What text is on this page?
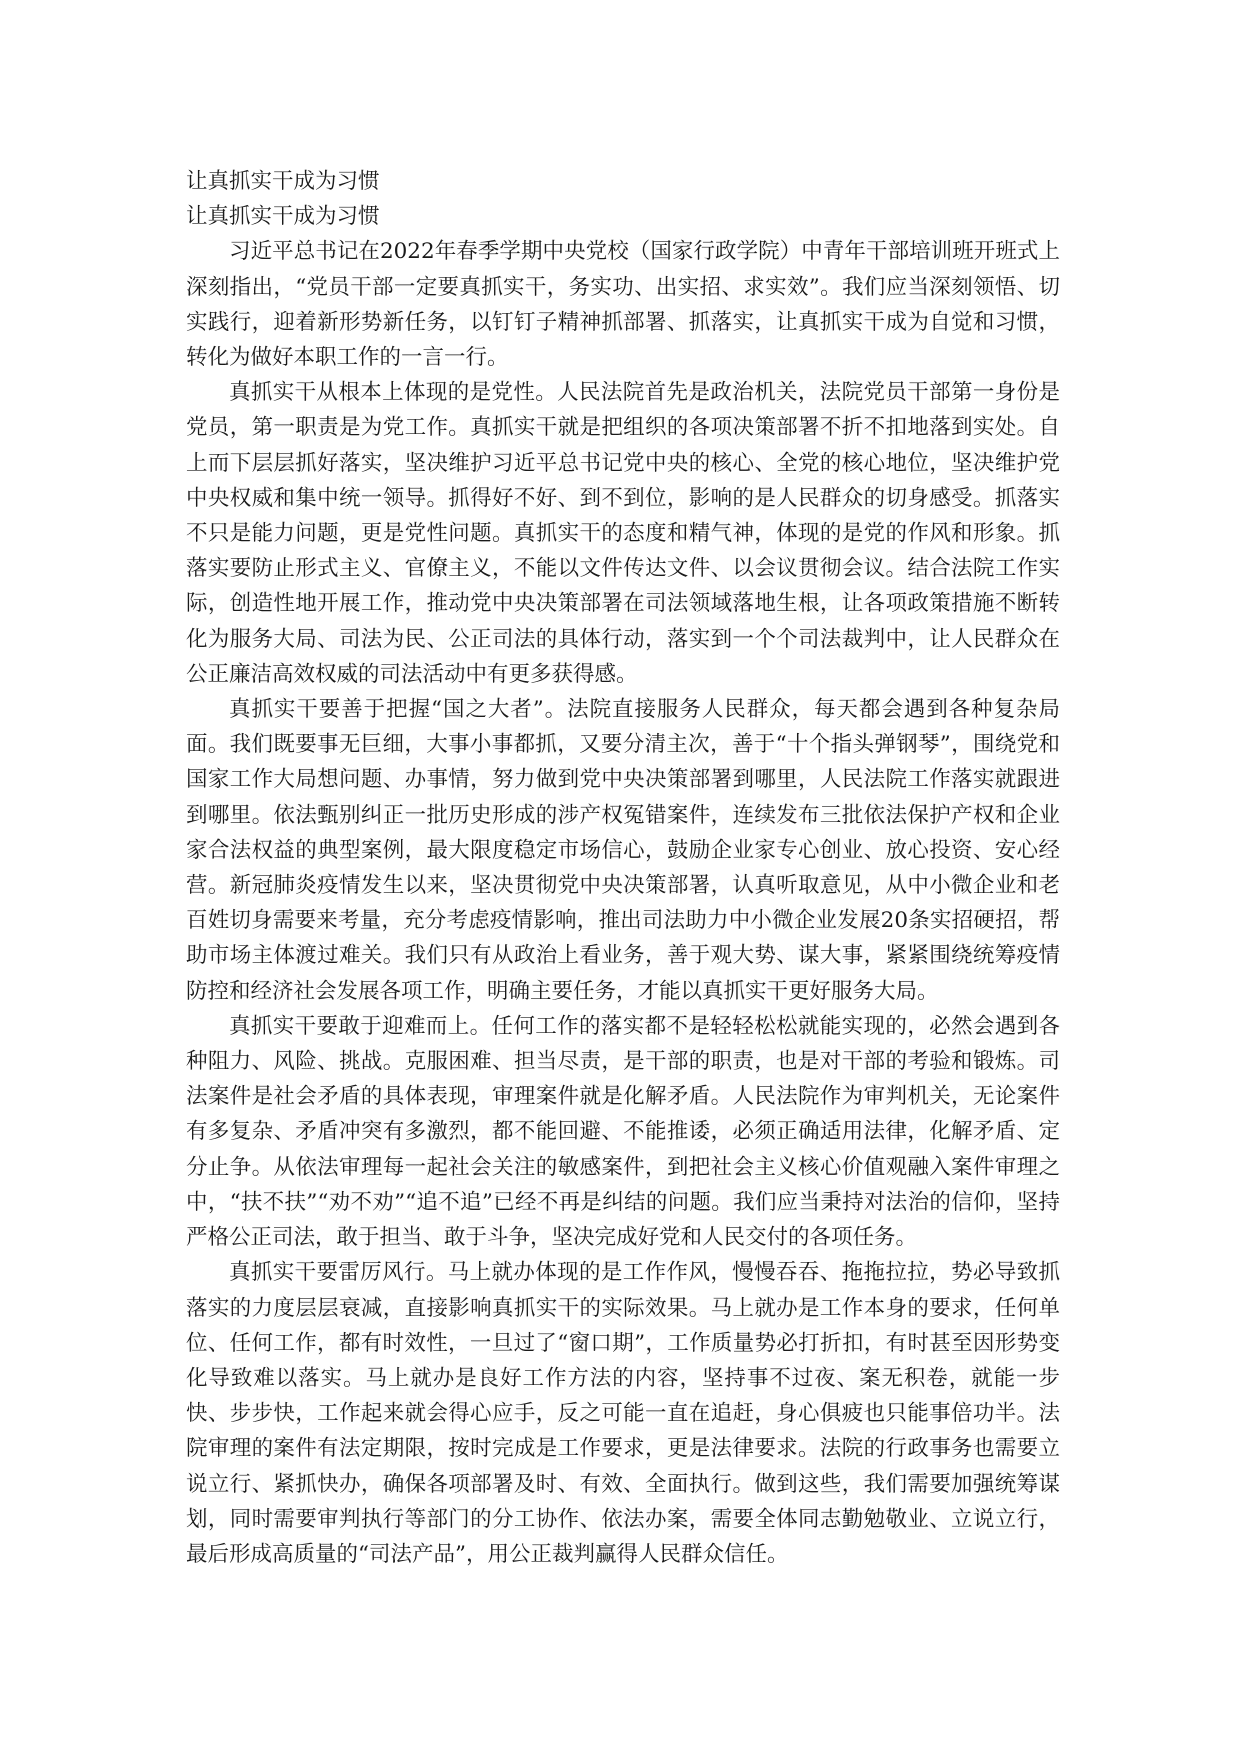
让真抓实干成为习惯

让真抓实干成为习惯

习近平总书记在2022年春季学期中央党校（国家行政学院）中青年干部培训班开班式上深刻指出，“党员干部一定要真抓实干，务实功、出实招、求实效”。我们应当深刻领悟、切实践行，迎着新形势新任务，以钉钉子精神抓部署、抓落实，让真抓实干成为自觉和习惯，转化为做好本职工作的一言一行。

真抓实干从根本上体现的是党性。人民法院首先是政治机关，法院党员干部第一身份是党员，第一职责是为党工作。真抓实干就是把组织的各项决策部署不折不扣地落到实处。自上而下层层抓好落实，坚决维护习近平总书记党中央的核心、全党的核心地位，坚决维护党中央权威和集中统一领导。抓得好不好、到不到位，影响的是人民群众的切身感受。抓落实不只是能力问题，更是党性问题。真抓实干的态度和精气神，体现的是党的作风和形象。抓落实要防止形式主义、官僚主义，不能以文件传达文件、以会议贯彻会议。结合法院工作实际，创造性地开展工作，推动党中央决策部署在司法领域落地生根，让各项政策措施不断转化为服务大局、司法为民、公正司法的具体行动，落实到一个个司法裁判中，让人民群众在公正廉洁高效权威的司法活动中有更多获得感。

真抓实干要善于把握“国之大者”。法院直接服务人民群众，每天都会遇到各种复杂局面。我们既要事无巨细，大事小事都抓，又要分清主次，善于“十个指头弹钢琴”，围绕党和国家工作大局想问题、办事情，努力做到党中央决策部署到哪里，人民法院工作落实就跟进到哪里。依法甄别纠正一批历史形成的涉产权冤错案件，连续发布三批依法保护产权和企业家合法权益的典型案例，最大限度稳定市场信心，鼓励企业家专心创业、放心投资、安心经营。新冠肺炎疫情发生以来，坚决贯彻党中央决策部署，认真听取意见，从中小微企业和老百姓切身需要来考量，充分考虑疫情影响，推出司法助力中小微企业发展20条实招硬招，帮助市场主体渡过难关。我们只有从政治上看业务，善于观大势、谋大事，紧紧围绕统筹疫情防控和经济社会发展各项工作，明确主要任务，才能以真抓实干更好服务大局。

真抓实干要敢于迎难而上。任何工作的落实都不是轻轻松松就能实现的，必然会遇到各种阻力、风险、挑战。克服困难、担当尽责，是干部的职责，也是对干部的考验和锻炼。司法案件是社会矛盾的具体表现，审理案件就是化解矛盾。人民法院作为审判机关，无论案件有多复杂、矛盾冲突有多激烈，都不能回避、不能推诿，必须正确适用法律，化解矛盾、定分止争。从依法审理每一起社会关注的敏感案件，到把社会主义核心价值观融入案件审理之中，“扶不扶”“劝不劝”“追不追”已经不再是纠结的问题。我们应当秉持对法治的信仰，坚持严格公正司法，敢于担当、敢于斗争，坚决完成好党和人民交付的各项任务。

真抓实干要雷厉风行。马上就办体现的是工作作风，慢慢吞吞、拖拖拉拉，势必导致抓落实的力度层层衰减，直接影响真抓实干的实际效果。马上就办是工作本身的要求，任何单位、任何工作，都有时效性，一旦过了“窗口期”，工作质量势必打折扣，有时甚至因形势变化导致难以落实。马上就办是良好工作方法的内容，坚持事不过夜、案无积卷，就能一步快、步步快，工作起来就会得心应手，反之可能一直在追赶，身心俱疲也只能事倍功半。法院审理的案件有法定期限，按时完成是工作要求，更是法律要求。法院的行政事务也需要立说立行、紧抓快办，确保各项部署及时、有效、全面执行。做到这些，我们需要加强统筹谋划，同时需要审判执行等部门的分工协作、依法办案，需要全体同志勤勉敬业、立说立行，最后形成高质量的“司法产品”，用公正裁判赢得人民群众信任。
